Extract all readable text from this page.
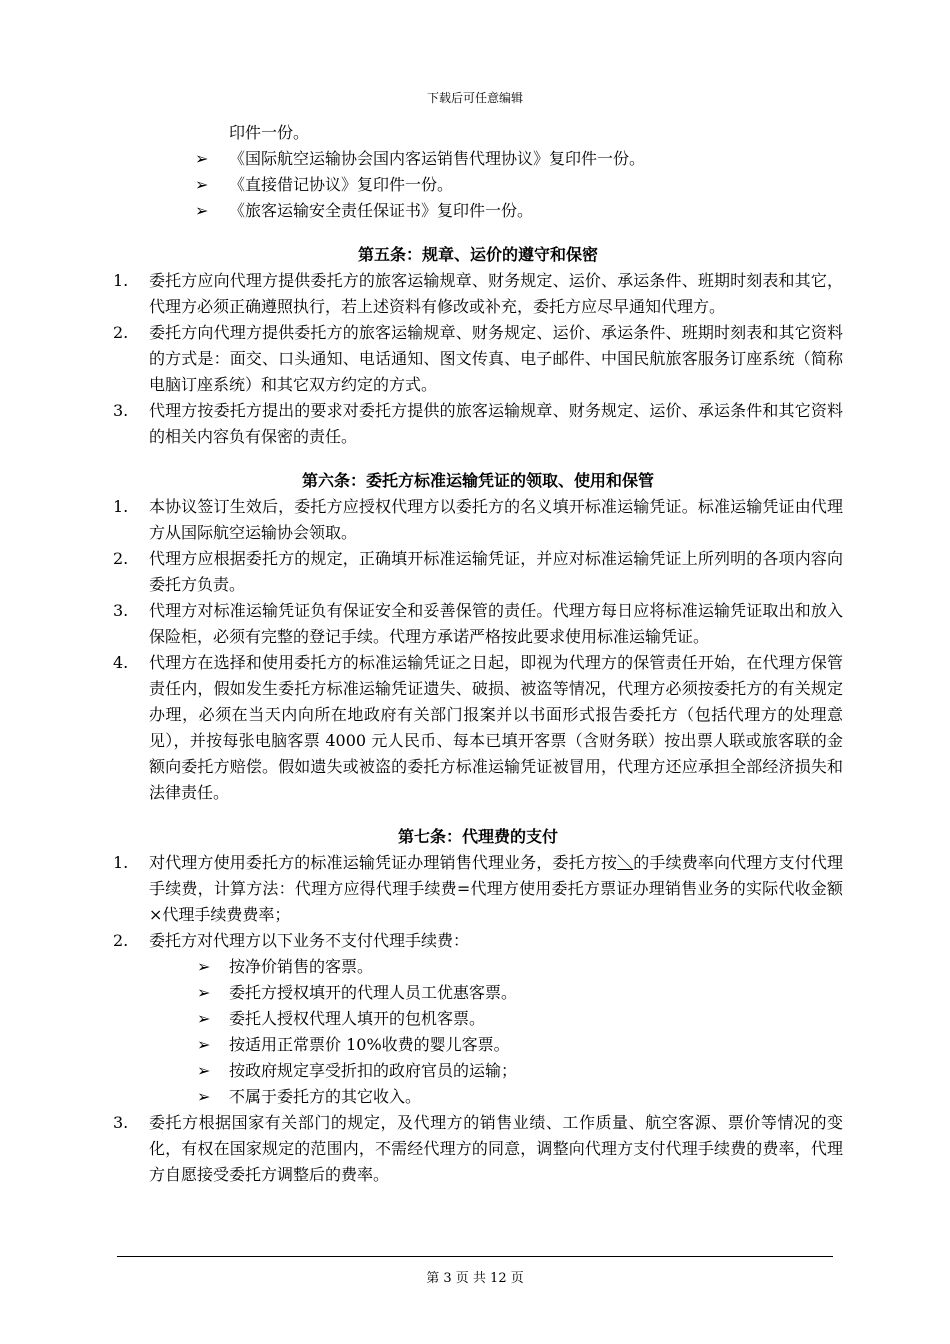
下载后可任意编辑
印件一份。
➢ 《国际航空运输协会国内客运销售代理协议》复印件一份。
➢ 《直接借记协议》复印件一份。
➢ 《旅客运输安全责任保证书》复印件一份。
第五条：规章、运价的遵守和保密
1. 委托方应向代理方提供委托方的旅客运输规章、财务规定、运价、承运条件、班期时刻表和其它，代理方必须正确遵照执行，若上述资料有修改或补充，委托方应尽早通知代理方。
2. 委托方向代理方提供委托方的旅客运输规章、财务规定、运价、承运条件、班期时刻表和其它资料的方式是：面交、口头通知、电话通知、图文传真、电子邮件、中国民航旅客服务订座系统（简称电脑订座系统）和其它双方约定的方式。
3. 代理方按委托方提出的要求对委托方提供的旅客运输规章、财务规定、运价、承运条件和其它资料的相关内容负有保密的责任。
第六条：委托方标准运输凭证的领取、使用和保管
1. 本协议签订生效后，委托方应授权代理方以委托方的名义填开标准运输凭证。标准运输凭证由代理方从国际航空运输协会领取。
2. 代理方应根据委托方的规定，正确填开标准运输凭证，并应对标准运输凭证上所列明的各项内容向委托方负责。
3. 代理方对标准运输凭证负有保证安全和妥善保管的责任。代理方每日应将标准运输凭证取出和放入保险柜，必须有完整的登记手续。代理方承诺严格按此要求使用标准运输凭证。
4. 代理方在选择和使用委托方的标准运输凭证之日起，即视为代理方的保管责任开始，在代理方保管责任内，假如发生委托方标准运输凭证遗失、破损、被盗等情况，代理方必须按委托方的有关规定办理，必须在当天内向所在地政府有关部门报案并以书面形式报告委托方（包括代理方的处理意见），并按每张电脑客票 4000 元人民币、每本已填开客票（含财务联）按出票人联或旅客联的金额向委托方赔偿。假如遗失或被盗的委托方标准运输凭证被冒用，代理方还应承担全部经济损失和法律责任。
第七条：代理费的支付
1. 对代理方使用委托方的标准运输凭证办理销售代理业务，委托方按＼的手续费率向代理方支付代理手续费，计算方法：代理方应得代理手续费=代理方使用委托方票证办理销售业务的实际代收金额×代理手续费费率；
2. 委托方对代理方以下业务不支付代理手续费：
➢ 按净价销售的客票。
➢ 委托方授权填开的代理人员工优惠客票。
➢ 委托人授权代理人填开的包机客票。
➢ 按适用正常票价 10%收费的婴儿客票。
➢ 按政府规定享受折扣的政府官员的运输；
➢ 不属于委托方的其它收入。
3. 委托方根据国家有关部门的规定，及代理方的销售业绩、工作质量、航空客源、票价等情况的变化，有权在国家规定的范围内，不需经代理方的同意，调整向代理方支付代理手续费的费率，代理方自愿接受委托方调整后的费率。
第 3 页 共 12 页
